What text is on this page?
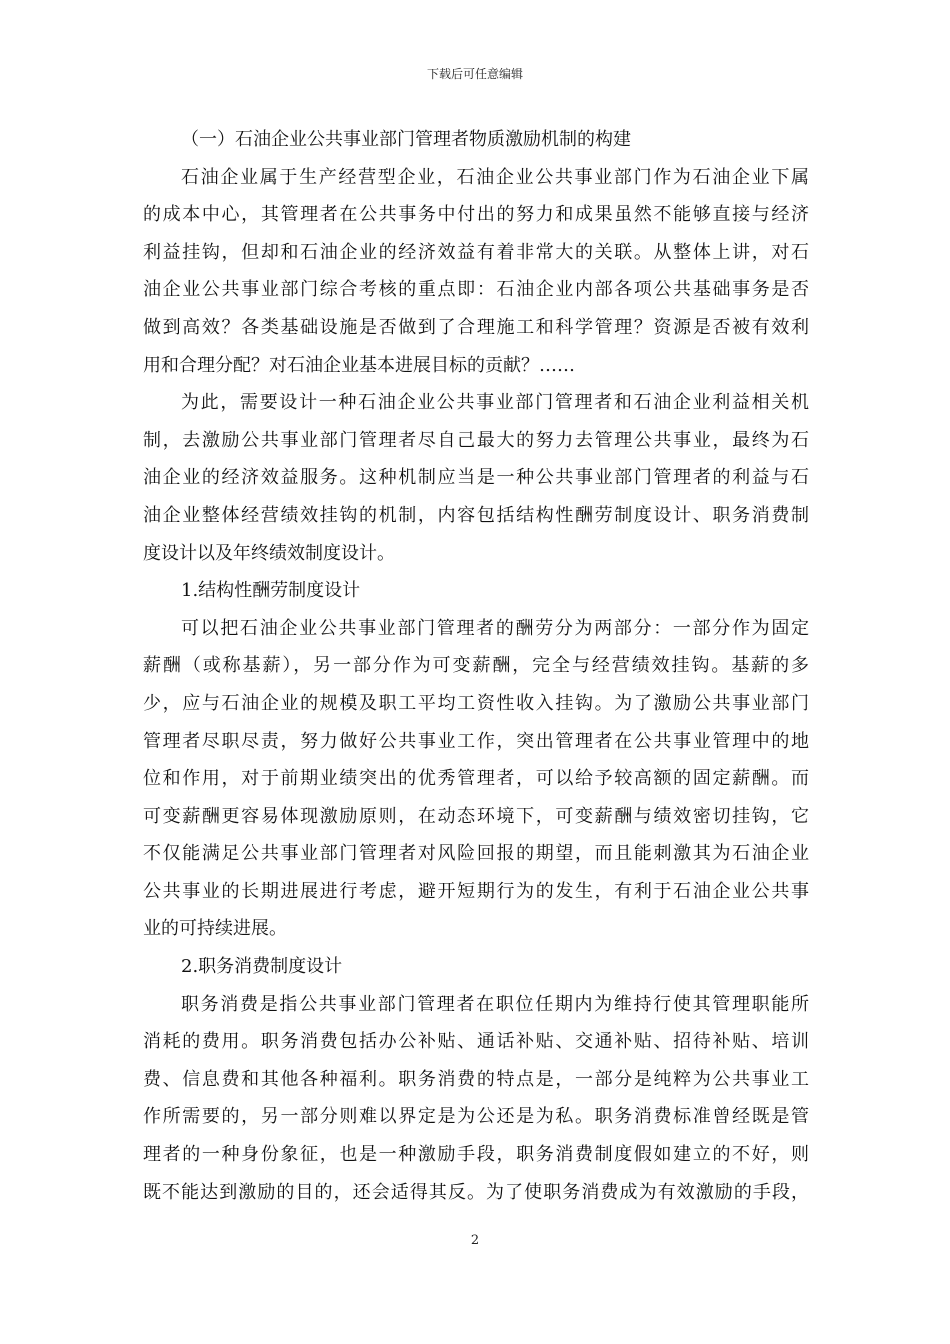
下载后可任意编辑
（一）石油企业公共事业部门管理者物质激励机制的构建
石油企业属于生产经营型企业，石油企业公共事业部门作为石油企业下属
的成本中心，其管理者在公共事务中付出的努力和成果虽然不能够直接与经济
利益挂钩，但却和石油企业的经济效益有着非常大的关联。从整体上讲，对石
油企业公共事业部门综合考核的重点即：石油企业内部各项公共基础事务是否
做到高效？各类基础设施是否做到了合理施工和科学管理？资源是否被有效利
用和合理分配？对石油企业基本进展目标的贡献？……
为此，需要设计一种石油企业公共事业部门管理者和石油企业利益相关机
制，去激励公共事业部门管理者尽自己最大的努力去管理公共事业，最终为石
油企业的经济效益服务。这种机制应当是一种公共事业部门管理者的利益与石
油企业整体经营绩效挂钩的机制，内容包括结构性酬劳制度设计、职务消费制
度设计以及年终绩效制度设计。
1.结构性酬劳制度设计
可以把石油企业公共事业部门管理者的酬劳分为两部分：一部分作为固定
薪酬（或称基薪），另一部分作为可变薪酬，完全与经营绩效挂钩。基薪的多
少，应与石油企业的规模及职工平均工资性收入挂钩。为了激励公共事业部门
管理者尽职尽责，努力做好公共事业工作，突出管理者在公共事业管理中的地
位和作用，对于前期业绩突出的优秀管理者，可以给予较高额的固定薪酬。而
可变薪酬更容易体现激励原则，在动态环境下，可变薪酬与绩效密切挂钩，它
不仅能满足公共事业部门管理者对风险回报的期望，而且能刺激其为石油企业
公共事业的长期进展进行考虑，避开短期行为的发生，有利于石油企业公共事
业的可持续进展。
2.职务消费制度设计
职务消费是指公共事业部门管理者在职位任期内为维持行使其管理职能所
消耗的费用。职务消费包括办公补贴、通话补贴、交通补贴、招待补贴、培训
费、信息费和其他各种福利。职务消费的特点是，一部分是纯粹为公共事业工
作所需要的，另一部分则难以界定是为公还是为私。职务消费标准曾经既是管
理者的一种身份象征，也是一种激励手段，职务消费制度假如建立的不好，则
既不能达到激励的目的，还会适得其反。为了使职务消费成为有效激励的手段，
2
